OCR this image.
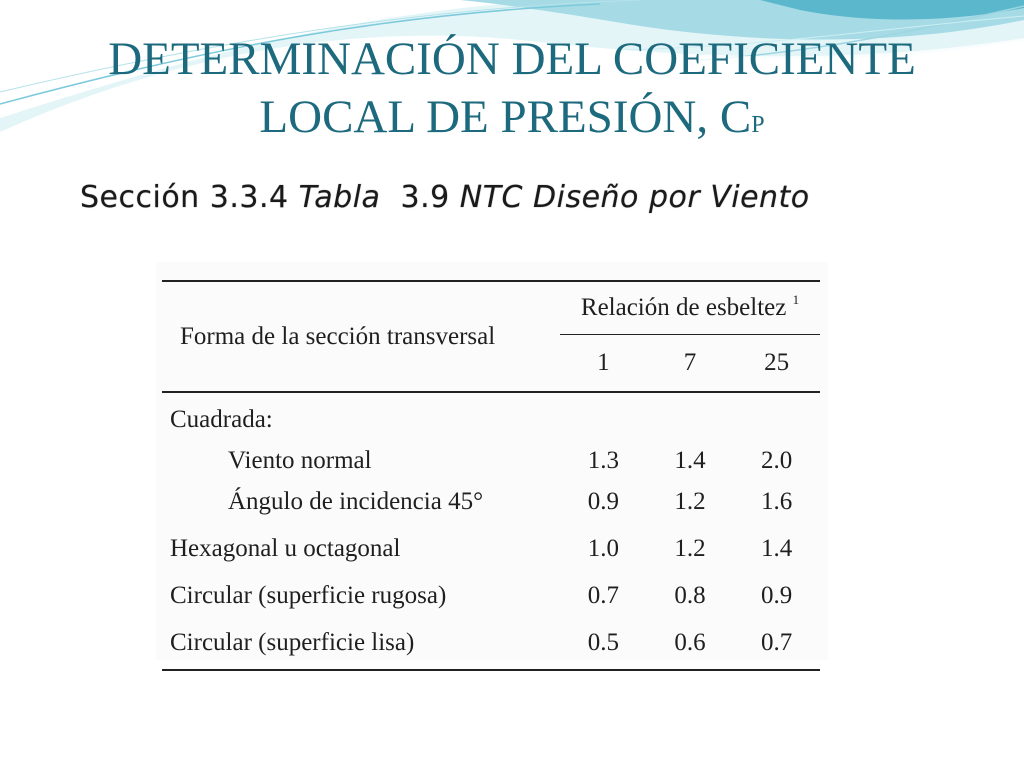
DETERMINACIÓN DEL COEFICIENTE
LOCAL DE PRESIÓN, CP
Sección 3.3.4 Tabla  3.9 NTC Diseño por Viento
Forma de la sección transversal	Relación de esbeltez $^1$
	1	7	25
Cuadrada:			
Viento normal	1.3	1.4	2.0
Ángulo de incidencia 45°	0.9	1.2	1.6
Hexagonal u octagonal	1.0	1.2	1.4
Circular (superficie rugosa)	0.7	0.8	0.9
Circular (superficie lisa)	0.5	0.6	0.7
